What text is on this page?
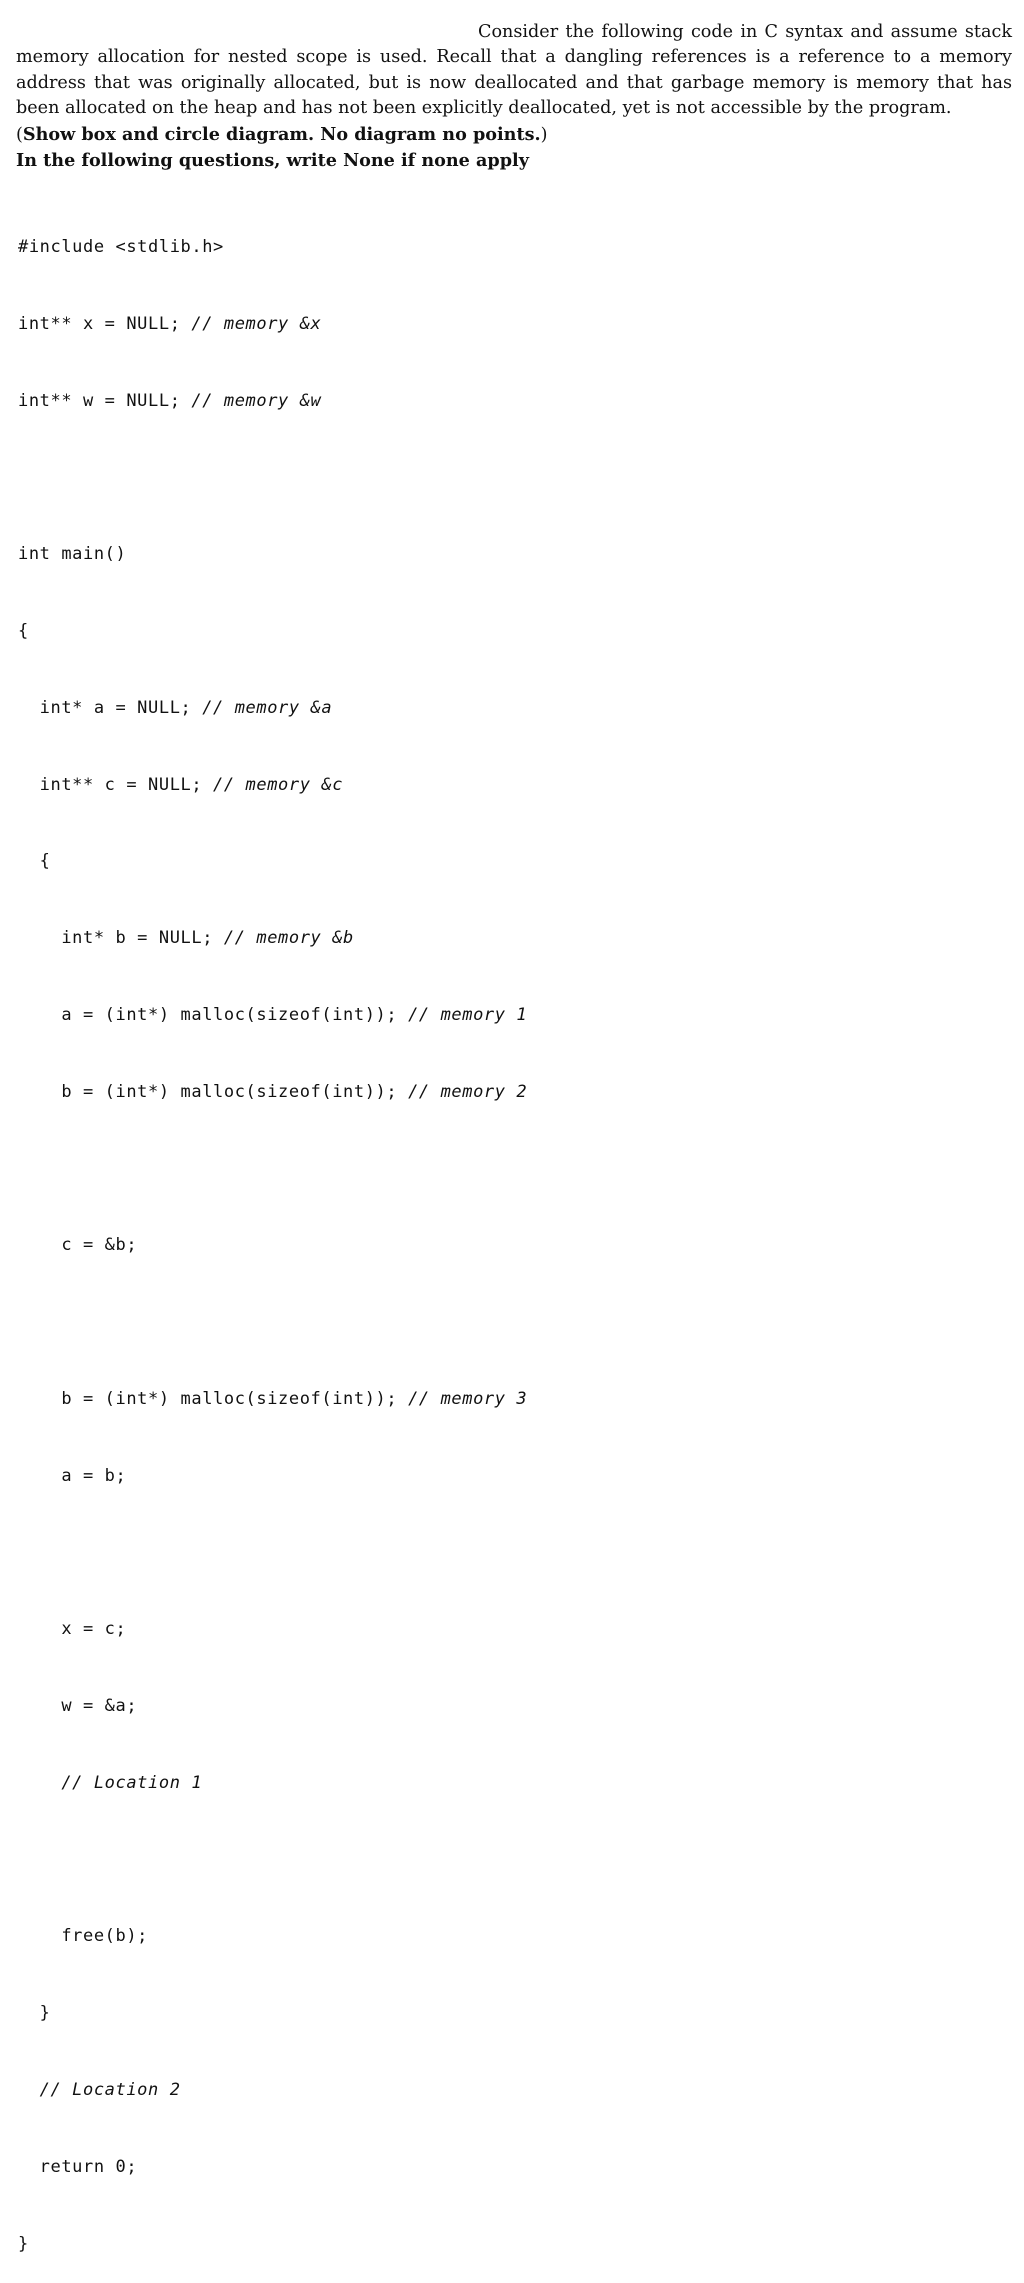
Consider the following code in C syntax and assume stack memory allocation for nested scope is used. Recall that a dangling references is a reference to a memory address that was originally allocated, but is now deallocated and that garbage memory is memory that has been allocated on the heap and has not been explicitly deallocated, yet is not accessible by the program.

(Show box and circle diagram. No diagram no points.)

In the following questions, write None if none apply

#include <stdlib.h>

int** x = NULL; // memory &x

int** w = NULL; // memory &w

int main()

{

int* a = NULL; // memory &a

int** c = NULL; // memory &c

{

int* b = NULL; // memory &b

a = (int*) malloc(sizeof(int)); // memory 1

b = (int*) malloc(sizeof(int)); // memory 2

c = &b;

b = (int*) malloc(sizeof(int)); // memory 3

a = b;

x = c;

w = &a;

// Location 1

free(b);

}

// Location 2

return 0;

}
